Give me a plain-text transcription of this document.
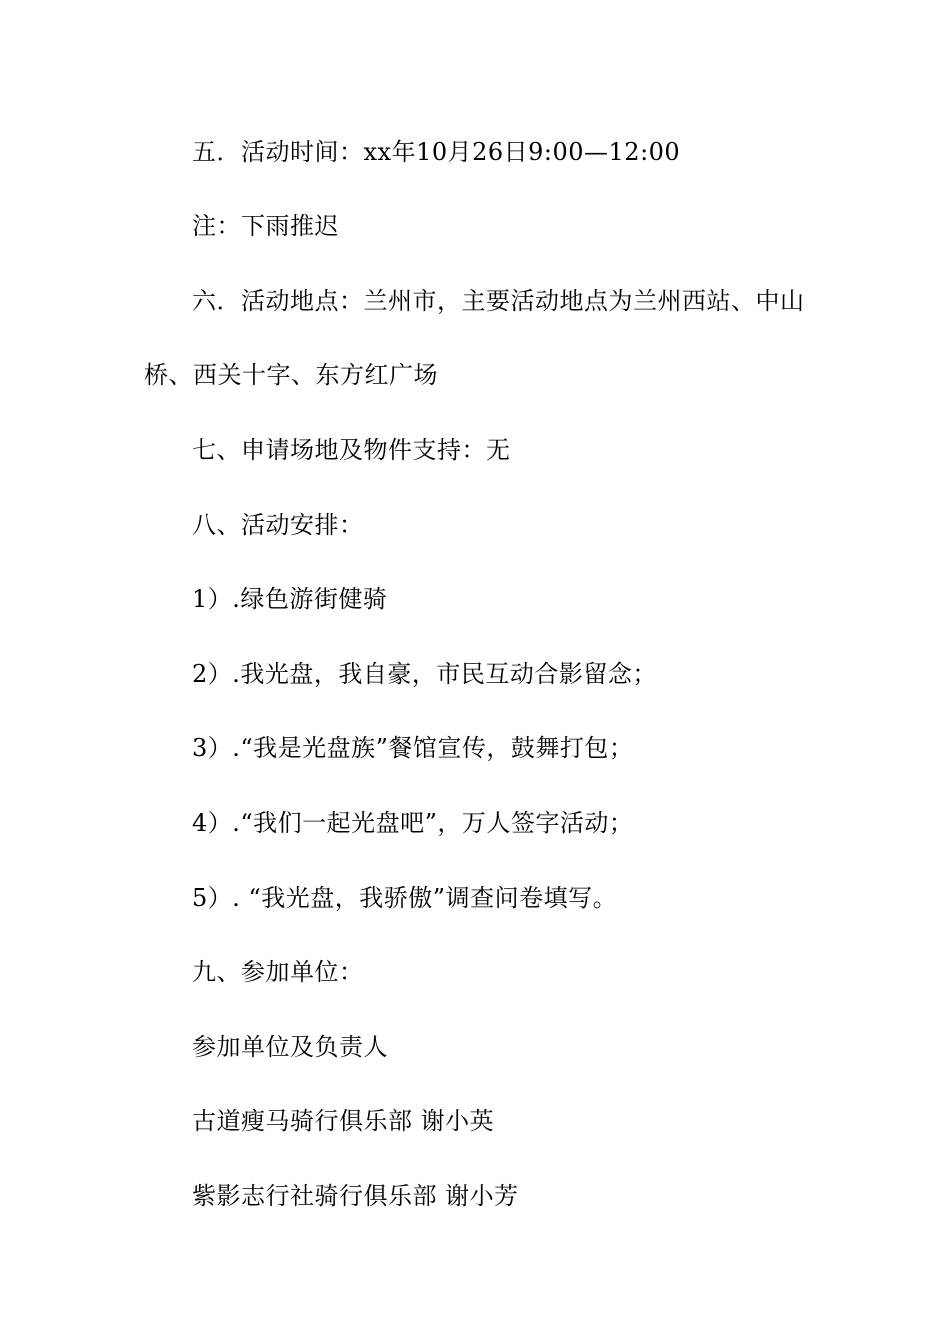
五．活动时间：xx年10月26日9:00—12:00
注：下雨推迟
六．活动地点：兰州市，主要活动地点为兰州西站、中山
桥、西关十字、东方红广场
七、申请场地及物件支持：无
八、活动安排：
1）.绿色游街健骑
2）.我光盘，我自豪，市民互动合影留念；
3）.“我是光盘族”餐馆宣传，鼓舞打包；
4）.“我们一起光盘吧”，万人签字活动；
5）. “我光盘，我骄傲”调查问卷填写。
九、参加单位：
参加单位及负责人
古道瘦马骑行俱乐部 谢小英
紫影志行社骑行俱乐部 谢小芳
